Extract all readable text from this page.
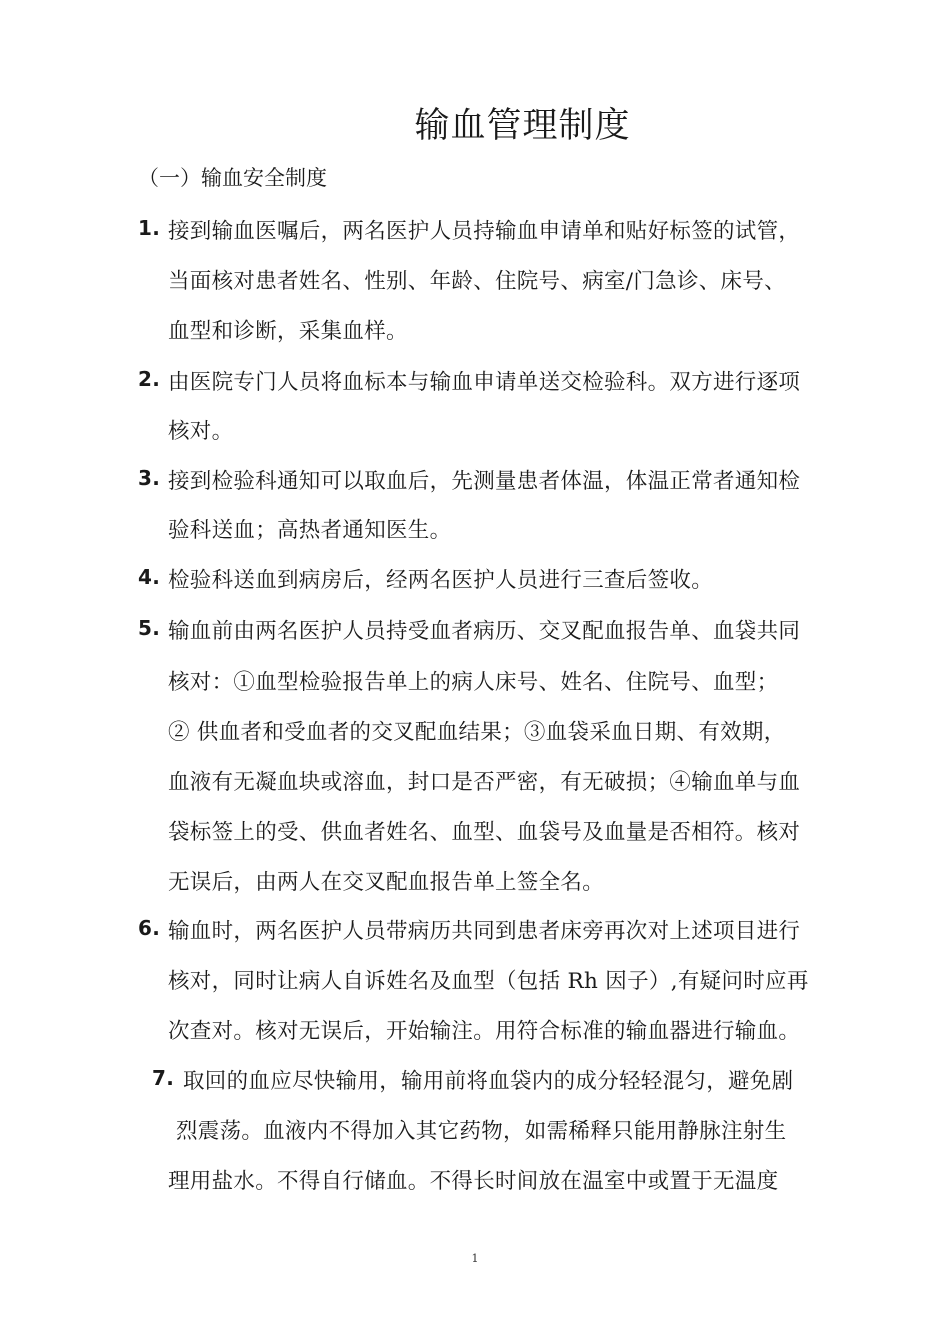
输血管理制度
（一）输血安全制度
1. 接到输血医嘱后，两名医护人员持输血申请单和贴好标签的试管，
当面核对患者姓名、性别、年龄、住院号、病室/门急诊、床号、
血型和诊断，采集血样。
2. 由医院专门人员将血标本与输血申请单送交检验科。双方进行逐项
核对。
3. 接到检验科通知可以取血后，先测量患者体温，体温正常者通知检
验科送血；高热者通知医生。
4. 检验科送血到病房后，经两名医护人员进行三查后签收。
5. 输血前由两名医护人员持受血者病历、交叉配血报告单、血袋共同
核对：①血型检验报告单上的病人床号、姓名、住院号、血型；
② 供血者和受血者的交叉配血结果；③血袋采血日期、有效期，
血液有无凝血块或溶血，封口是否严密，有无破损；④输血单与血
袋标签上的受、供血者姓名、血型、血袋号及血量是否相符。核对
无误后，由两人在交叉配血报告单上签全名。
6. 输血时，两名医护人员带病历共同到患者床旁再次对上述项目进行
核对，同时让病人自诉姓名及血型（包括 Rh 因子）,有疑问时应再
次查对。核对无误后，开始输注。用符合标准的输血器进行输血。
7. 取回的血应尽快输用，输用前将血袋内的成分轻轻混匀，避免剧
烈震荡。血液内不得加入其它药物，如需稀释只能用静脉注射生
理用盐水。不得自行储血。不得长时间放在温室中或置于无温度
1
